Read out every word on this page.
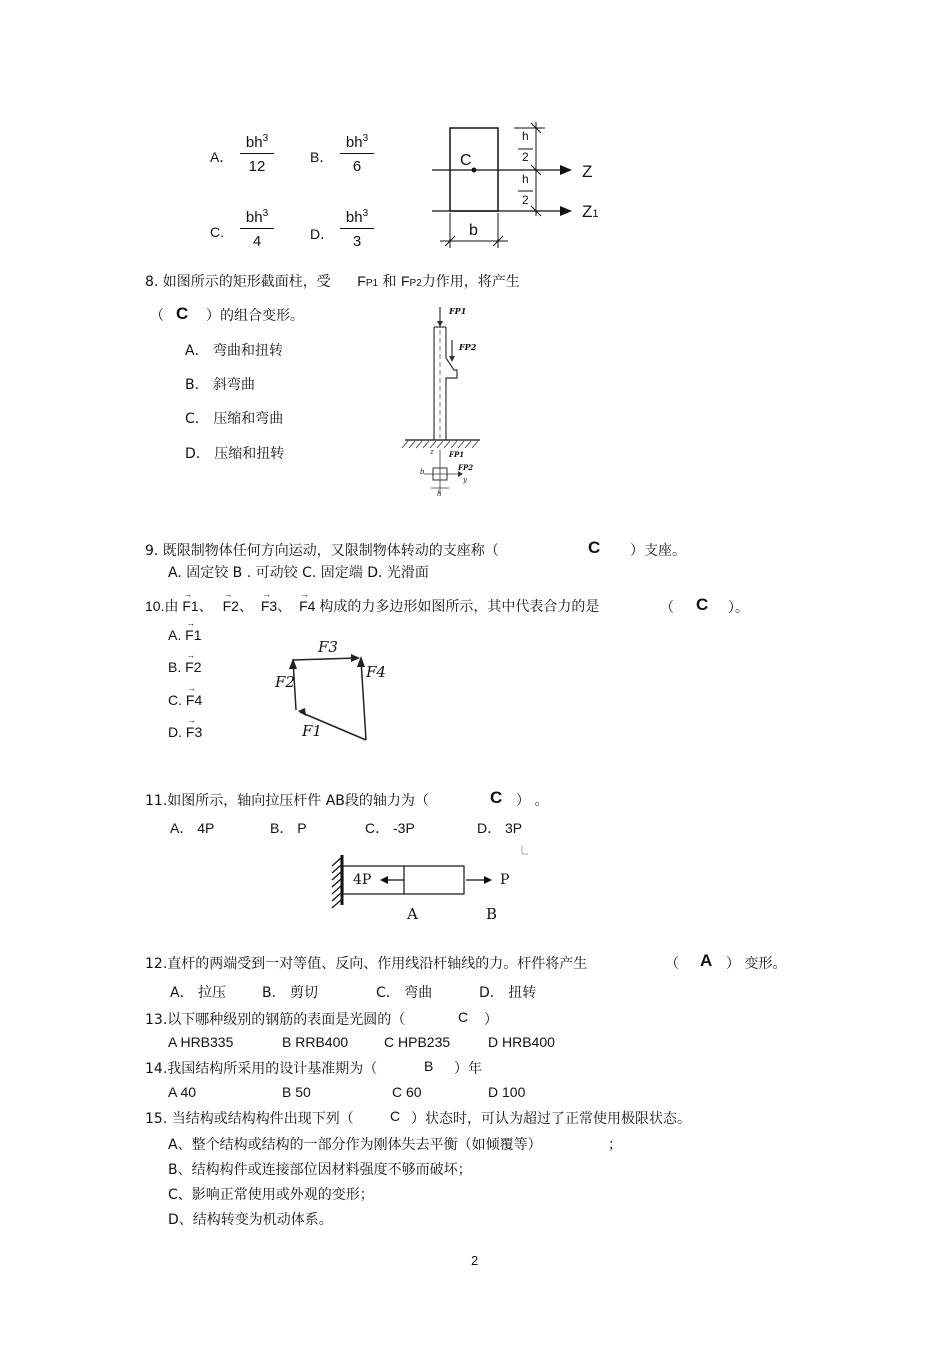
A． $\frac{bh^3}{12}$	B． $\frac{bh^3}{6}$
C. $\frac{bh^3}{4}$	D． $\frac{bh^3}{3}$
C
h
2
h
2
Z
Z1
b
8. 如图所示的矩形截面柱，受 FP1 和 FP2力作用，将产生
（ C ）的组合变形。
A． 弯曲和扭转
B． 斜弯曲
C． 压缩和弯曲
D． 压缩和扭转
FP1
FP2
z FP1
FP2
y
b
h
9. 既限制物体任何方向运动，又限制物体转动的支座称（	C ）支座。
A. 固定铰 B . 可动铰 C. 固定端 D. 光滑面
10.由 → F1、 → F2、 → F3、 → F4 构成的力多边形如图所示，其中代表合力的是	（ C ）。
A. → F1
B. → F2
C. → F4
D. → F3
F3
F4
F2
F1
11.如图所示，轴向拉压杆件 AB段的轴力为（	C ） 。
A． 4P	B． P	C． -3P	D． 3P
4P	P
A	B
12.直杆的两端受到一对等值、反向、作用线沿杆轴线的力。杆件将产生	（ A ） 变形。
A． 拉压	B． 剪切	C． 弯曲	D． 扭转
13.以下哪种级别的钢筋的表面是光圆的（	C ）
A HRB335	B RRB400	C HPB235	D HRB400
14.我国结构所采用的设计基准期为（	B ）年
A 40	B 50	C 60	D 100
15. 当结构或结构构件出现下列（	C ）状态时，可认为超过了正常使用极限状态。
A、整个结构或结构的一部分作为刚体失去平衡（如倾覆等）	；
B、结构构件或连接部位因材料强度不够而破坏；
C、影响正常使用或外观的变形；
D、结构转变为机动体系。
2
